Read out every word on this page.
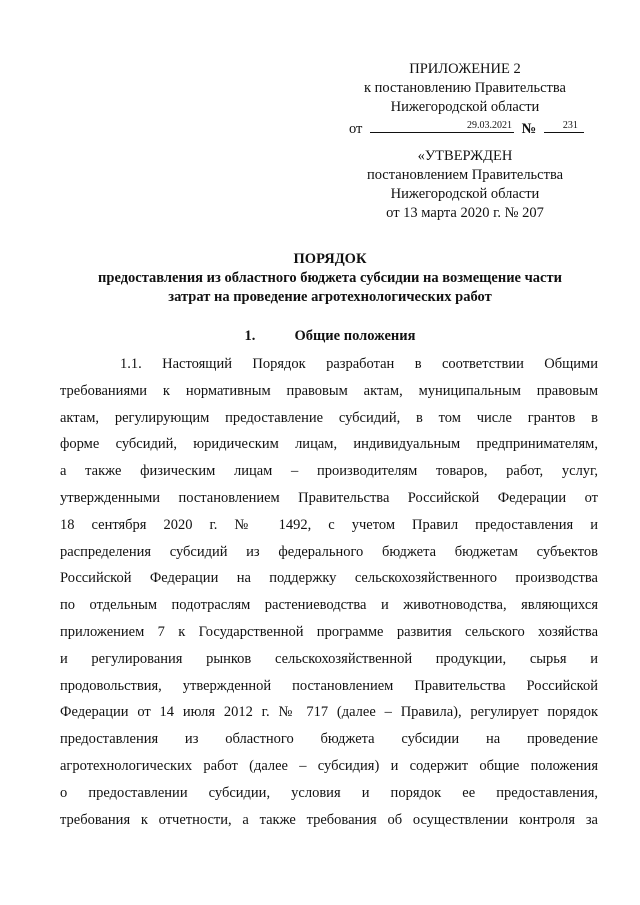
ПРИЛОЖЕНИЕ 2
к постановлению Правительства
Нижегородской области
от	29.03.2021 №	231
«УТВЕРЖДЕН
постановлением Правительства
Нижегородской области
от 13 марта 2020 г. № 207
ПОРЯДОК
предоставления из областного бюджета субсидии на возмещение части
затрат на проведение агротехнологических работ
1.	Общие положения
1.1. Настоящий Порядок разработан в соответствии Общими
требованиями к нормативным правовым актам, муниципальным правовым
актам, регулирующим предоставление субсидий, в том числе грантов в
форме субсидий, юридическим лицам, индивидуальным предпринимателям,
а также физическим лицам – производителям товаров, работ, услуг,
утвержденными постановлением Правительства Российской Федерации от
18 сентября 2020 г. № 1492, с учетом Правил предоставления и
распределения субсидий из федерального бюджета бюджетам субъектов
Российской Федерации на поддержку сельскохозяйственного производства
по отдельным подотраслям растениеводства и животноводства, являющихся
приложением 7 к Государственной программе развития сельского хозяйства
и регулирования рынков сельскохозяйственной продукции, сырья и
продовольствия, утвержденной постановлением Правительства Российской
Федерации от 14 июля 2012 г. № 717 (далее – Правила), регулирует порядок
предоставления из областного бюджета субсидии на проведение
агротехнологических работ (далее – субсидия) и содержит общие положения
о предоставлении субсидии, условия и порядок ее предоставления,
требования к отчетности, а также требования об осуществлении контроля за
